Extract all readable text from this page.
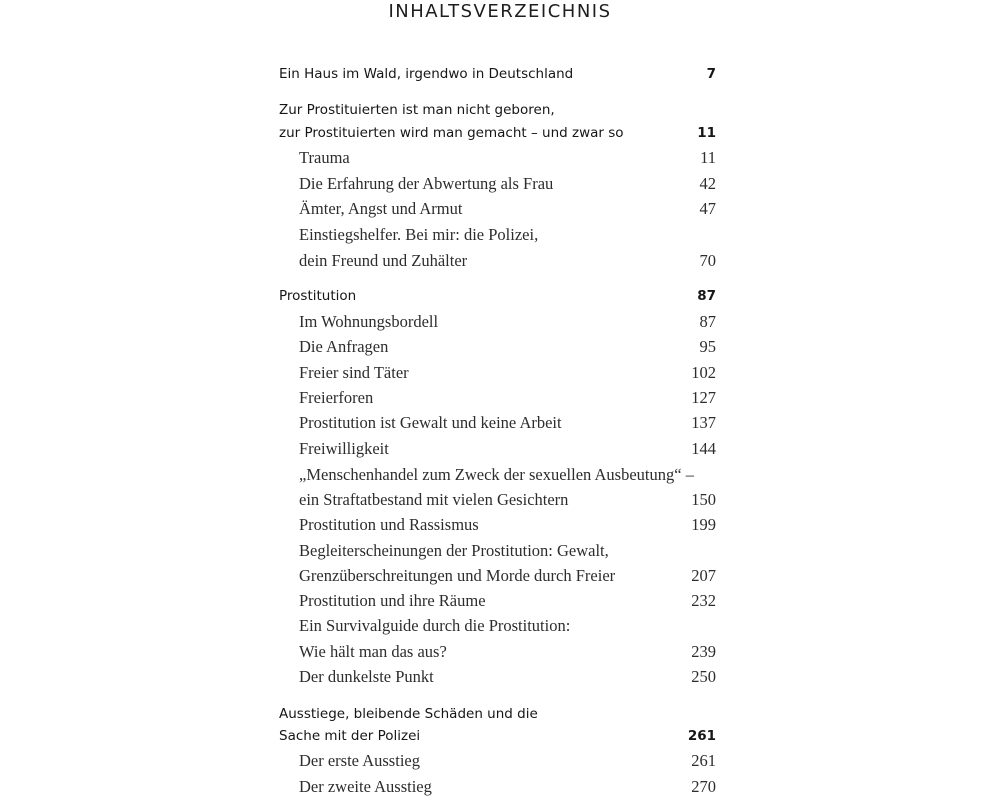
INHALTSVERZEICHNIS
Ein Haus im Wald, irgendwo in Deutschland	7
Zur Prostituierten ist man nicht geboren,
zur Prostituierten wird man gemacht – und zwar so	11
Trauma	11
Die Erfahrung der Abwertung als Frau	42
Ämter, Angst und Armut	47
Einstiegshelfer. Bei mir: die Polizei,
dein Freund und Zuhälter	70
Prostitution	87
Im Wohnungsbordell	87
Die Anfragen	95
Freier sind Täter	102
Freierforen	127
Prostitution ist Gewalt und keine Arbeit	137
Freiwilligkeit	144
„Menschenhandel zum Zweck der sexuellen Ausbeutung“ –
ein Straftatbestand mit vielen Gesichtern	150
Prostitution und Rassismus	199
Begleiterscheinungen der Prostitution: Gewalt,
Grenzüberschreitungen und Morde durch Freier	207
Prostitution und ihre Räume	232
Ein Survivalguide durch die Prostitution:
Wie hält man das aus?	239
Der dunkelste Punkt	250
Ausstiege, bleibende Schäden und die
Sache mit der Polizei	261
Der erste Ausstieg	261
Der zweite Ausstieg	270
